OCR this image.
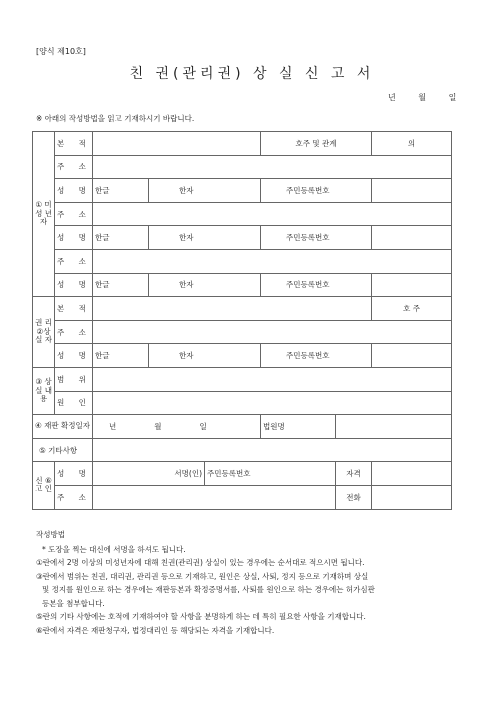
[양식 제10호]
친 권(관리권) 상 실 신 고 서
년	월	일
※ 아래의 작성방법을 읽고 기재하시기 바랍니다.
① 미 성 년 자	본 적				호주 및 관계		의
	주 소						
	성 명	한글	한자		주민등록번호		
	주 소						
	성 명	한글	한자		주민등록번호		
	주 소						
	성 명	한글	한자		주민등록번호		
권 리 ②상 실 자	본 적						호 주
	주 소						
	성 명	한글	한자		주민등록번호		
③ 상실 내용	범 위						
	원 인						
④ 재판 확정일자		년 월 일			법원명		
⑤ 기타사항							
신 ⑥고 인	성 명	서명(인)		주민등록번호		자격	
	주 소					전화	
작성방법
* 도장을 찍는 대신에 서명을 하셔도 됩니다.
①란에서 2명 이상의 미성년자에 대해 친권(관리권) 상실이 있는 경우에는 순서대로 적으시면 됩니다.
③란에서 범위는 친권, 대리권, 관리권 등으로 기재하고, 원인은 상실, 사퇴, 정지 등으로 기재하며 상실
및 정지를 원인으로 하는 경우에는 재판등본과 확정증명서를, 사퇴를 원인으로 하는 경우에는 허가심판
등본을 첨부합니다.
⑤란의 기타 사항에는 호적에 기재하여야 할 사항을 분명하게 하는 데 특히 필요한 사항을 기재합니다.
⑥란에서 자격은 재판청구자, 법정대리인 등 해당되는 자격을 기재합니다.
